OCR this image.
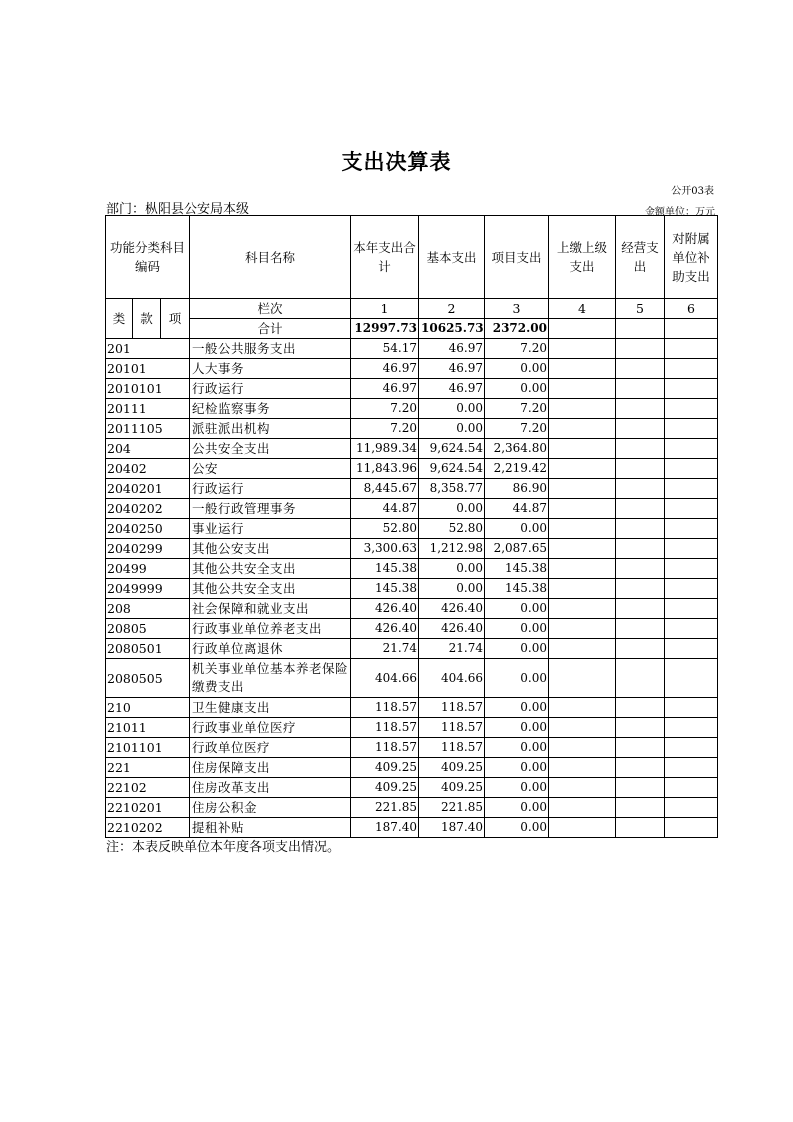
支出决算表
公开03表
部门：枞阳县公安局本级	金额单位：万元
功能分类科目编码			科目名称	本年支出合计	基本支出	项目支出	上缴上级支出	经营支出	对附属单位补助支出
类	款	项	栏次	1	2	3	4	5	6
			合计	12997.73	10625.73	2372.00			
201			一般公共服务支出	54.17	46.97	7.20			
20101			人大事务	46.97	46.97	0.00			
2010101			行政运行	46.97	46.97	0.00			
20111			纪检监察事务	7.20	0.00	7.20			
2011105			派驻派出机构	7.20	0.00	7.20			
204			公共安全支出	11,989.34	9,624.54	2,364.80			
20402			公安	11,843.96	9,624.54	2,219.42			
2040201			行政运行	8,445.67	8,358.77	86.90			
2040202			一般行政管理事务	44.87	0.00	44.87			
2040250			事业运行	52.80	52.80	0.00			
2040299			其他公安支出	3,300.63	1,212.98	2,087.65			
20499			其他公共安全支出	145.38	0.00	145.38			
2049999			其他公共安全支出	145.38	0.00	145.38			
208			社会保障和就业支出	426.40	426.40	0.00			
20805			行政事业单位养老支出	426.40	426.40	0.00			
2080501			行政单位离退休	21.74	21.74	0.00			
2080505			机关事业单位基本养老保险缴费支出	404.66	404.66	0.00			
210			卫生健康支出	118.57	118.57	0.00			
21011			行政事业单位医疗	118.57	118.57	0.00			
2101101			行政单位医疗	118.57	118.57	0.00			
221			住房保障支出	409.25	409.25	0.00			
22102			住房改革支出	409.25	409.25	0.00			
2210201			住房公积金	221.85	221.85	0.00			
2210202			提租补贴	187.40	187.40	0.00			
注：本表反映单位本年度各项支出情况。
